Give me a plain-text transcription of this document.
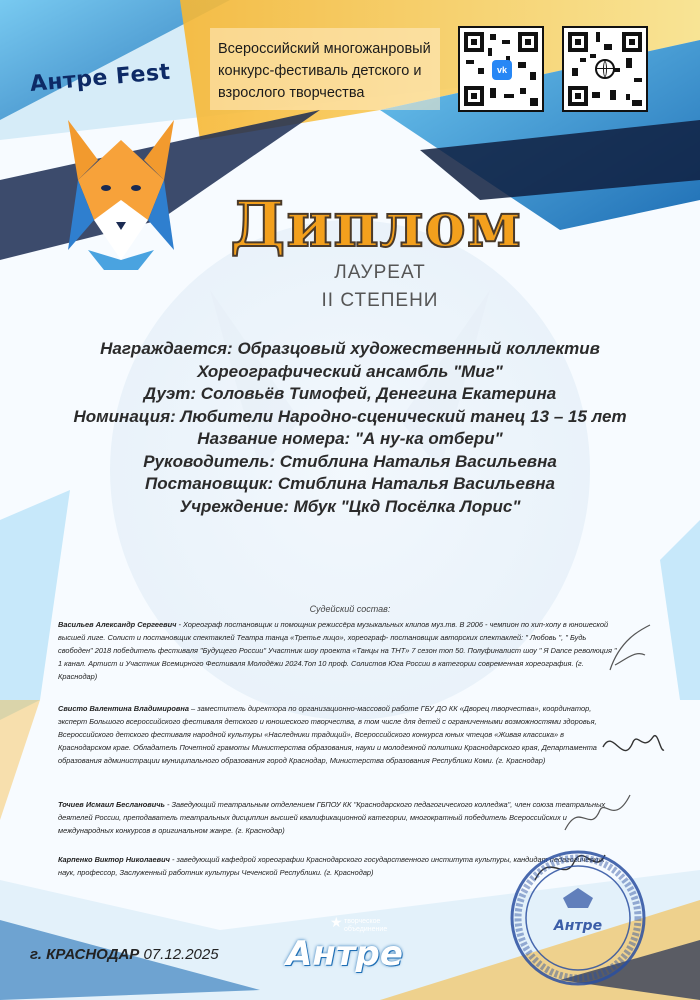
Антре Fest
Всероссийский многожанровый
конкурс-фестиваль детского и
взрослого творчества
vk
Диплом
ЛАУРЕАТ
II СТЕПЕНИ
Награждается: Образцовый художественный коллектив
Хореографический ансамбль "Миг"
Дуэт: Соловьёв Тимофей, Денегина Екатерина
Номинация: Любители Народно-сценический танец 13 – 15 лет
Название номера: "А ну-ка отбери"
Руководитель: Стиблина Наталья Васильевна
Постановщик: Стиблина Наталья Васильевна
Учреждение: Мбук "Цкд Посёлка Лорис"
Судейский состав:
Васильев Александр Сергеевич - Хореограф постановщик и помощник режиссёра музыкальных клипов муз.тв. В 2006 - чемпион по хип-хопу в юношеской высшей лиге. Солист и постановщик спектаклей Театра танца «Третье лицо», хореограф- постановщик авторских спектаклей: " Любовь ", " Будь свободен" 2018 победитель фестиваля "Будущего России" Участник шоу проекта «Танцы на ТНТ» 7 сезон топ 50. Полуфиналист шоу " Я Dance революция " 1 канал. Артист и Участник Всемирного Фестиваля Молодёжи 2024.Топ 10 проф. Солистов Юга России в категории современная хореография. (г. Краснодар)
Свисто Валентина Владимировна – заместитель директора по организационно-массовой работе ГБУ ДО КК «Дворец творчества», координатор, эксперт Большого всероссийского фестиваля детского и юношеского творчества, в том числе для детей с ограниченными возможностями здоровья, Всероссийского детского фестиваля народной культуры «Наследники традиций», Всероссийского конкурса юных чтецов «Живая классика» в Краснодарском крае. Обладатель Почетной грамоты Министерства образования, науки и молодежной политики Краснодарского края, Департамента образования администрации муниципального образования город Краснодар, Министерства образования Республики Коми. (г. Краснодар)
Точиев Исмаил Беслановичь - Заведующий театральным отделением ГБПОУ КК "Краснодарского педагогического колледжа", член союза театральных деятелей России, преподаватель театральных дисциплин высшей квалификационной категории, многократный победитель Всероссийских и международных конкурсов в оригинальном жанре. (г. Краснодар)
Карпенко Виктор Николаевич - заведующий кафедрой хореографии Краснодарского государственного института культуры, кандидат педагогических наук, профессор, Заслуженный работник культуры Чеченской Республики. (г. Краснодар)
Антре
г. КРАСНОДАР 07.12.2025
творческое объединение
★
Антре
